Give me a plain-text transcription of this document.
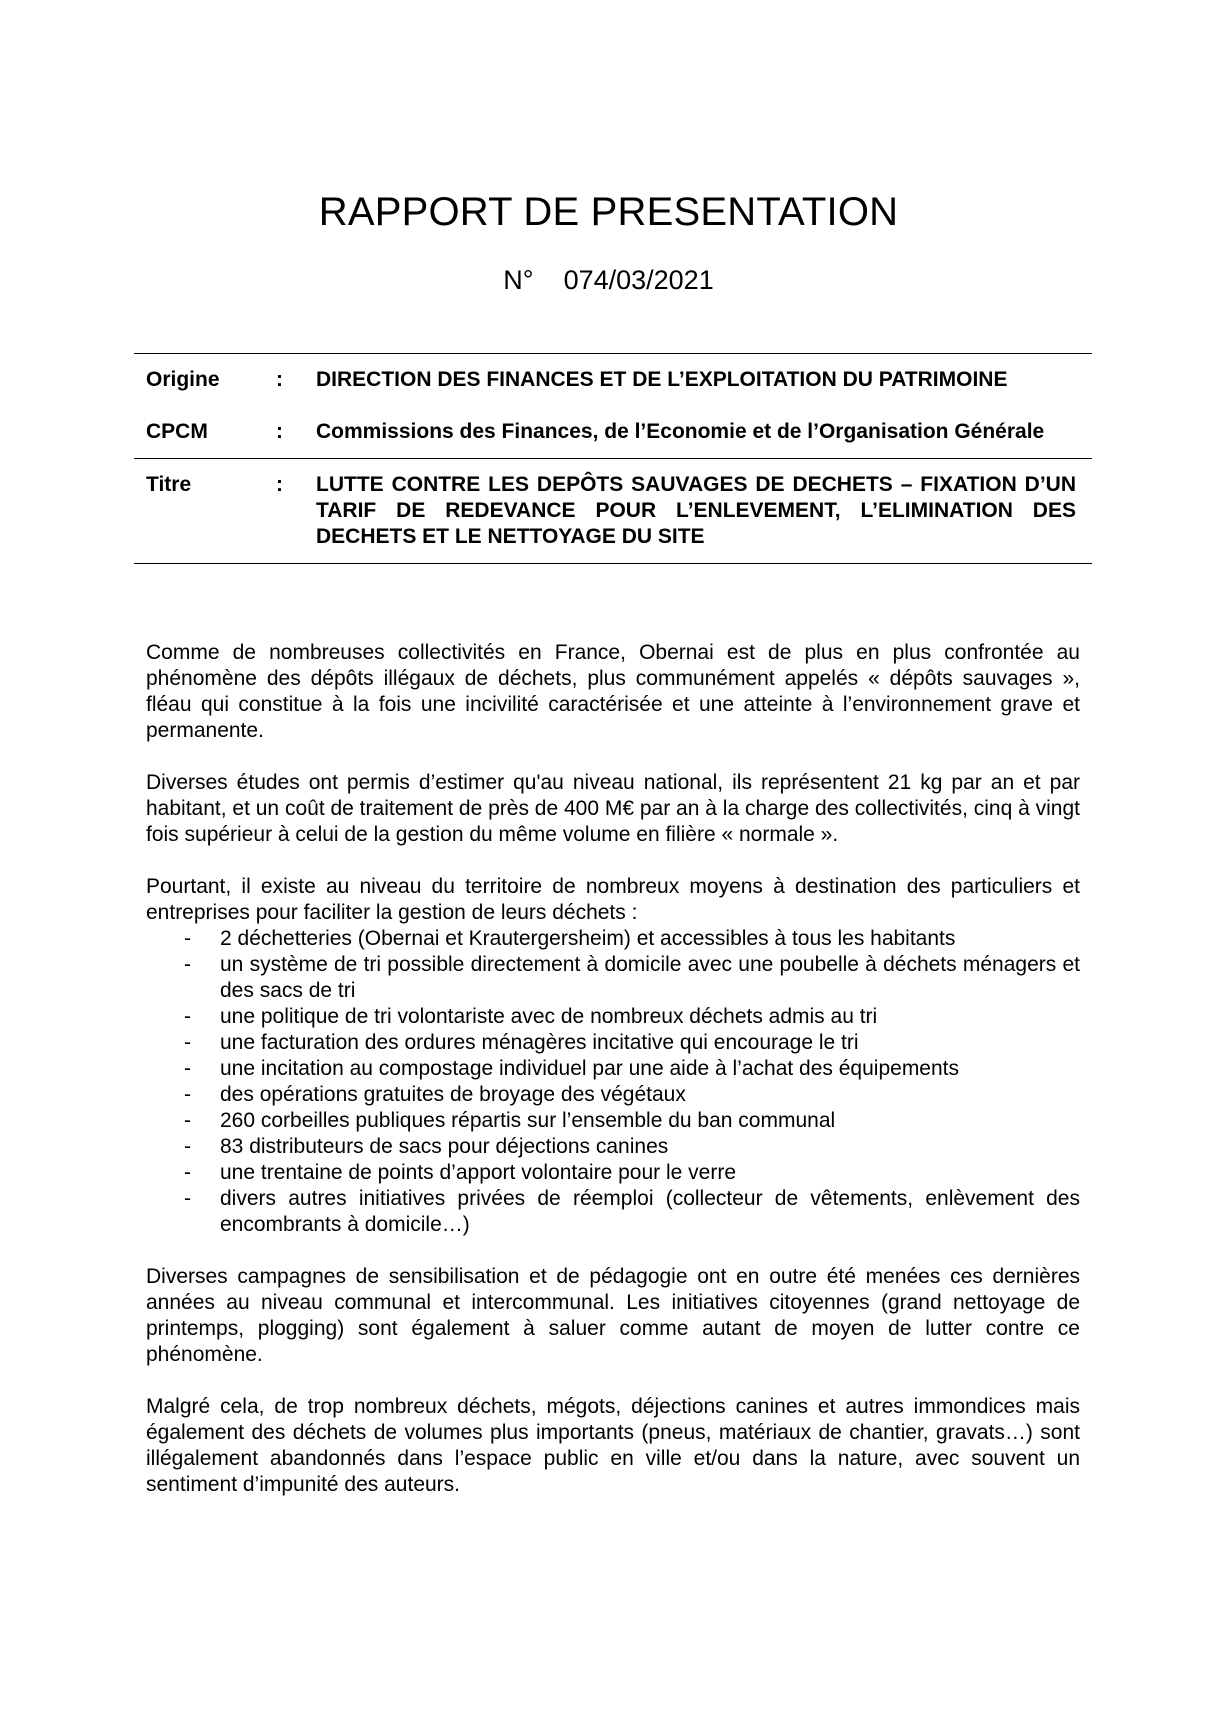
RAPPORT DE PRESENTATION
N° 074/03/2021
Origine	:	DIRECTION DES FINANCES ET DE L’EXPLOITATION DU PATRIMOINE
CPCM	:	Commissions des Finances, de l’Economie et de l’Organisation Générale
Titre	:	LUTTE CONTRE LES DEPÔTS SAUVAGES DE DECHETS – FIXATION D’UN TARIF DE REDEVANCE POUR L’ENLEVEMENT, L’ELIMINATION DES DECHETS ET LE NETTOYAGE DU SITE

Comme de nombreuses collectivités en France, Obernai est de plus en plus confrontée au phénomène des dépôts illégaux de déchets, plus communément appelés « dépôts sauvages », fléau qui constitue à la fois une incivilité caractérisée et une atteinte à l’environnement grave et permanente.

Diverses études ont permis d’estimer qu'au niveau national, ils représentent 21 kg par an et par habitant, et un coût de traitement de près de 400 M€ par an à la charge des collectivités, cinq à vingt fois supérieur à celui de la gestion du même volume en filière « normale ».

Pourtant, il existe au niveau du territoire de nombreux moyens à destination des particuliers et entreprises pour faciliter la gestion de leurs déchets :

- 2 déchetteries (Obernai et Krautergersheim) et accessibles à tous les habitants
- un système de tri possible directement à domicile avec une poubelle à déchets ménagers et des sacs de tri
- une politique de tri volontariste avec de nombreux déchets admis au tri
- une facturation des ordures ménagères incitative qui encourage le tri
- une incitation au compostage individuel par une aide à l’achat des équipements
- des opérations gratuites de broyage des végétaux
- 260 corbeilles publiques répartis sur l’ensemble du ban communal
- 83 distributeurs de sacs pour déjections canines
- une trentaine de points d’apport volontaire pour le verre
- divers autres initiatives privées de réemploi (collecteur de vêtements, enlèvement des encombrants à domicile…)

Diverses campagnes de sensibilisation et de pédagogie ont en outre été menées ces dernières années au niveau communal et intercommunal. Les initiatives citoyennes (grand nettoyage de printemps, plogging) sont également à saluer comme autant de moyen de lutter contre ce phénomène.

Malgré cela, de trop nombreux déchets, mégots, déjections canines et autres immondices mais également des déchets de volumes plus importants (pneus, matériaux de chantier, gravats…) sont illégalement abandonnés dans l’espace public en ville et/ou dans la nature, avec souvent un sentiment d’impunité des auteurs.
